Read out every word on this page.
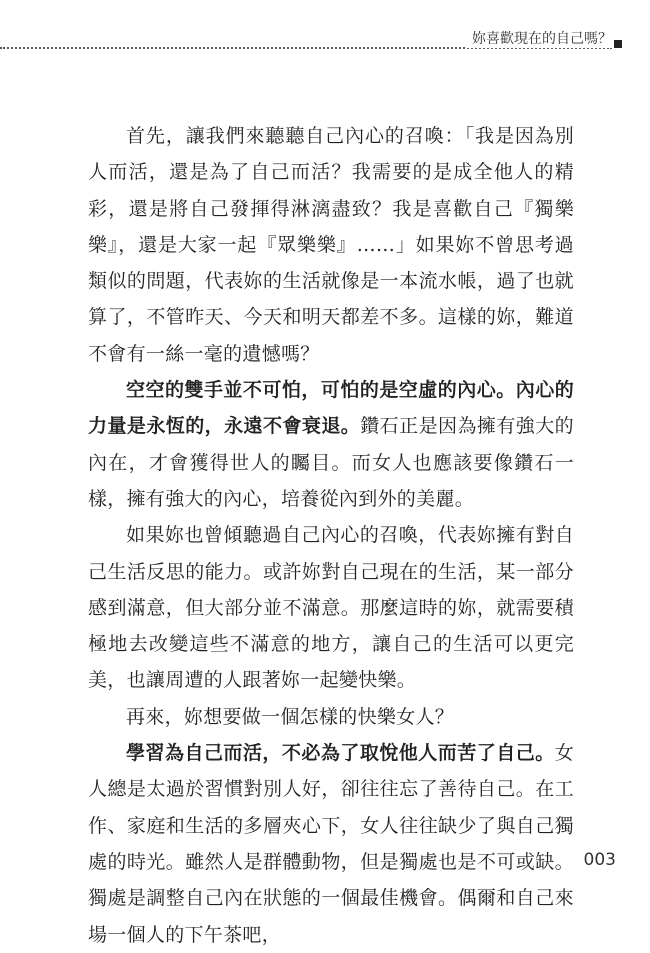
妳喜歡現在的自己嗎？

首先，讓我們來聽聽自己內心的召喚：「我是因為別人而活，還是為了自己而活？我需要的是成全他人的精彩，還是將自己發揮得淋漓盡致？我是喜歡自己『獨樂樂』，還是大家一起『眾樂樂』……」如果妳不曾思考過類似的問題，代表妳的生活就像是一本流水帳，過了也就算了，不管昨天、今天和明天都差不多。這樣的妳，難道不會有一絲一毫的遺憾嗎？

空空的雙手並不可怕，可怕的是空虛的內心。內心的力量是永恆的，永遠不會衰退。鑽石正是因為擁有強大的內在，才會獲得世人的矚目。而女人也應該要像鑽石一樣，擁有強大的內心，培養從內到外的美麗。

如果妳也曾傾聽過自己內心的召喚，代表妳擁有對自己生活反思的能力。或許妳對自己現在的生活，某一部分感到滿意，但大部分並不滿意。那麼這時的妳，就需要積極地去改變這些不滿意的地方，讓自己的生活可以更完美，也讓周遭的人跟著妳一起變快樂。

再來，妳想要做一個怎樣的快樂女人？

學習為自己而活，不必為了取悅他人而苦了自己。女人總是太過於習慣對別人好，卻往往忘了善待自己。在工作、家庭和生活的多層夾心下，女人往往缺少了與自己獨處的時光。雖然人是群體動物，但是獨處也是不可或缺。獨處是調整自己內在狀態的一個最佳機會。偶爾和自己來場一個人的下午茶吧，

003
